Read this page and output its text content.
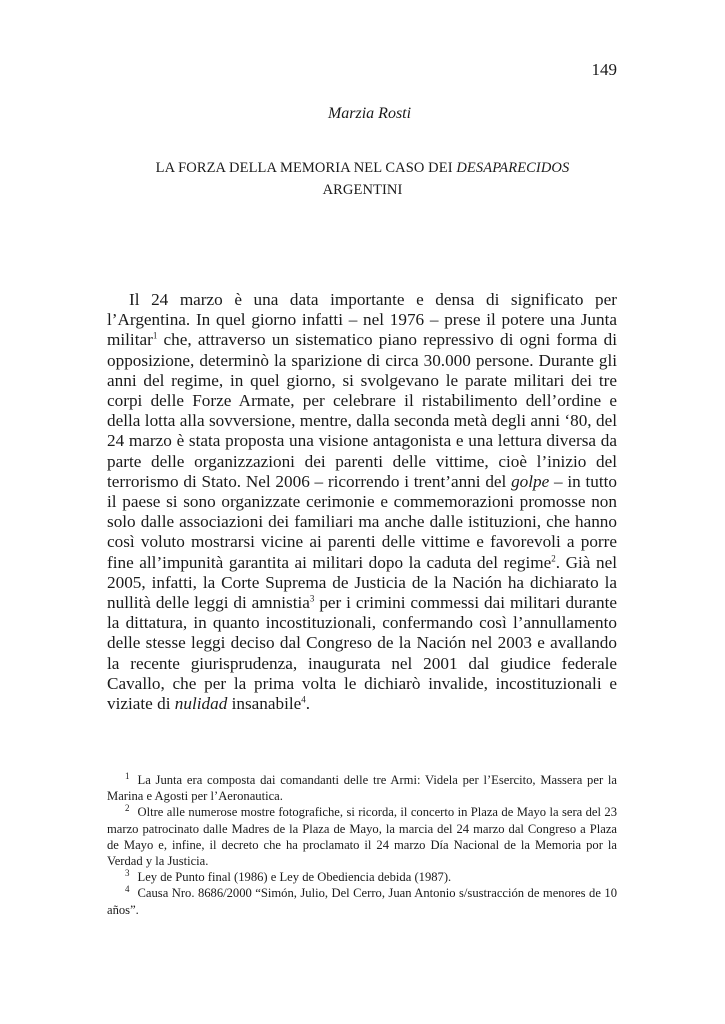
149
Marzia Rosti
LA FORZA DELLA MEMORIA NEL CASO DEI DESAPARECIDOS
ARGENTINI

Il 24 marzo è una data importante e densa di significato per l’Argentina. In quel giorno infatti – nel 1976 – prese il potere una Junta militar$^1$ che, attraverso un sistematico piano repressivo di ogni forma di opposizione, determinò la sparizione di circa 30.000 persone. Durante gli anni del regime, in quel giorno, si svolgevano le parate militari dei tre corpi delle Forze Armate, per celebrare il ristabilimento dell’ordine e della lotta alla sovversione, mentre, dalla seconda metà degli anni ‘80, del 24 marzo è stata proposta una visione antagonista e una lettura diversa da parte delle organizzazioni dei parenti delle vittime, cioè l’inizio del terrorismo di Stato. Nel 2006 – ricorrendo i trent’anni del golpe – in tutto il paese si sono organizzate cerimonie e commemorazioni promosse non solo dalle associazioni dei familiari ma anche dalle istituzioni, che hanno così voluto mostrarsi vicine ai parenti delle vittime e favorevoli a porre fine all’impunità garantita ai militari dopo la caduta del regime$^2$. Già nel 2005, infatti, la Corte Suprema de Justicia de la Nación ha dichiarato la nullità delle leggi di amnistia$^3$ per i crimini commessi dai militari durante la dittatura, in quanto incostituzionali, confermando così l’annullamento delle stesse leggi deciso dal Congreso de la Nación nel 2003 e avallando la recente giurisprudenza, inaugurata nel 2001 dal giudice federale Cavallo, che per la prima volta le dichiarò invalide, incostituzionali e viziate di nulidad insanabile$^4$.

$^1$ La Junta era composta dai comandanti delle tre Armi: Videla per l’Esercito, Massera per la Marina e Agosti per l’Aeronautica.

$^2$ Oltre alle numerose mostre fotografiche, si ricorda, il concerto in Plaza de Mayo la sera del 23 marzo patrocinato dalle Madres de la Plaza de Mayo, la marcia del 24 marzo dal Congreso a Plaza de Mayo e, infine, il decreto che ha proclamato il 24 marzo Día Nacional de la Memoria por la Verdad y la Justicia.

$^3$ Ley de Punto final (1986) e Ley de Obediencia debida (1987).

$^4$ Causa Nro. 8686/2000 “Simón, Julio, Del Cerro, Juan Antonio s/sustracción de menores de 10 años”.
